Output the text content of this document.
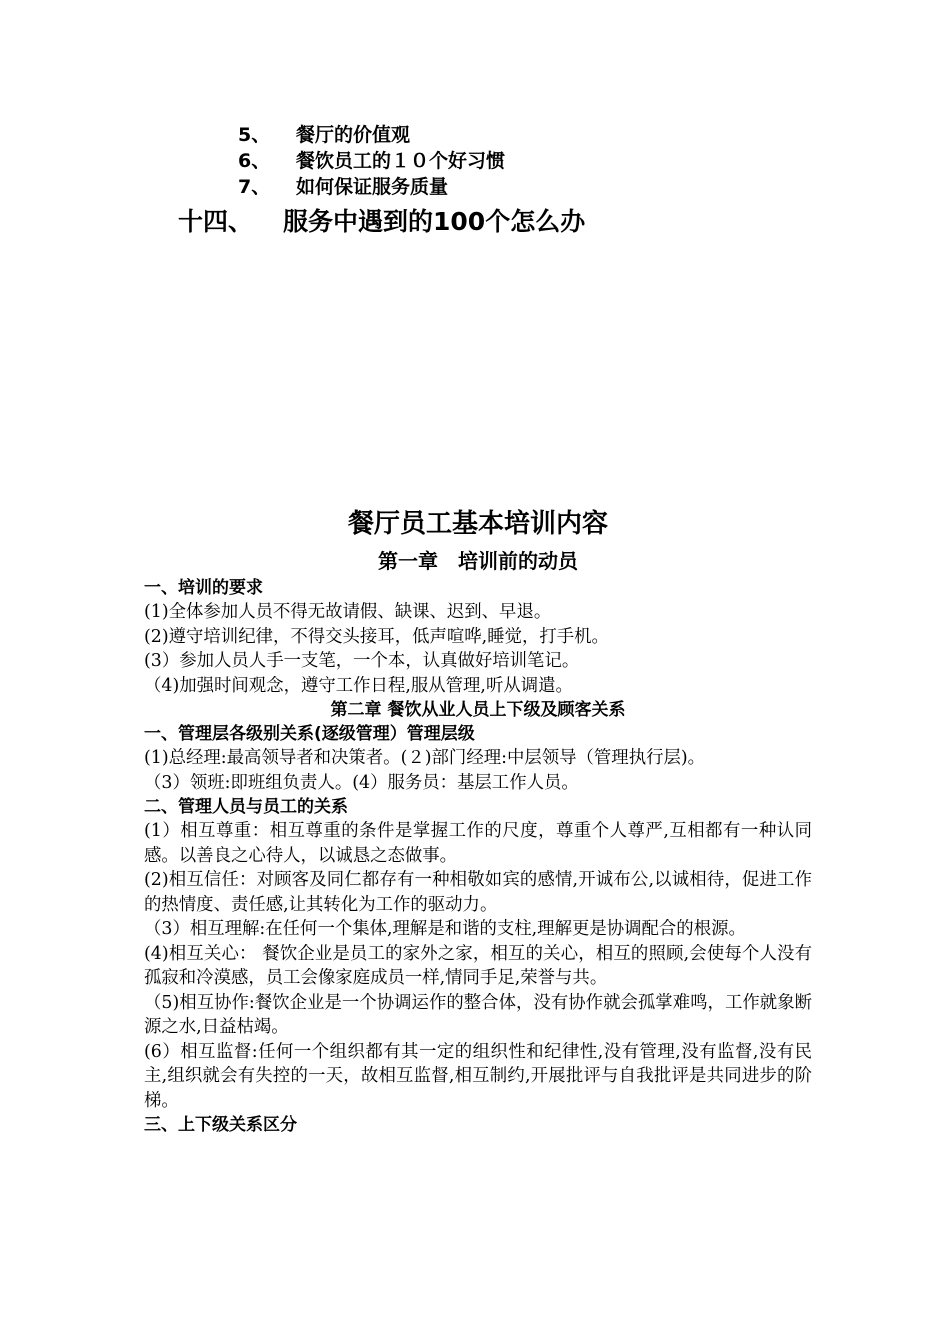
5、 餐厅的价值观
6、 餐饮员工的１０个好习惯
7、 如何保证服务质量
十四、 服务中遇到的100个怎么办
餐厅员工基本培训内容
第一章　培训前的动员
一、培训的要求

(1)全体参加人员不得无故请假、缺课、迟到、早退。

(2)遵守培训纪律，不得交头接耳，低声喧哗,睡觉，打手机。

(3）参加人员人手一支笔，一个本，认真做好培训笔记。

（4)加强时间观念，遵守工作日程,服从管理,听从调遣。

第二章 餐饮从业人员上下级及顾客关系
一、管理层各级别关系(逐级管理）管理层级

(1)总经理:最高领导者和决策者。(２)部门经理:中层领导（管理执行层)。

（3）领班:即班组负责人。(4）服务员：基层工作人员。

二、管理人员与员工的关系

(1）相互尊重：相互尊重的条件是掌握工作的尺度，尊重个人尊严,互相都有一种认同感。以善良之心待人，以诚恳之态做事。

(2)相互信任：对顾客及同仁都存有一种相敬如宾的感情,开诚布公,以诚相待，促进工作的热情度、责任感,让其转化为工作的驱动力。

（3）相互理解:在任何一个集体,理解是和谐的支柱,理解更是协调配合的根源。

(4)相互关心： 餐饮企业是员工的家外之家，相互的关心，相互的照顾,会使每个人没有孤寂和冷漠感，员工会像家庭成员一样,情同手足,荣誉与共。

（5)相互协作:餐饮企业是一个协调运作的整合体，没有协作就会孤掌难鸣，工作就象断源之水,日益枯竭。

(6）相互监督:任何一个组织都有其一定的组织性和纪律性,没有管理,没有监督,没有民主,组织就会有失控的一天，故相互监督,相互制约,开展批评与自我批评是共同进步的阶梯。

三、上下级关系区分
